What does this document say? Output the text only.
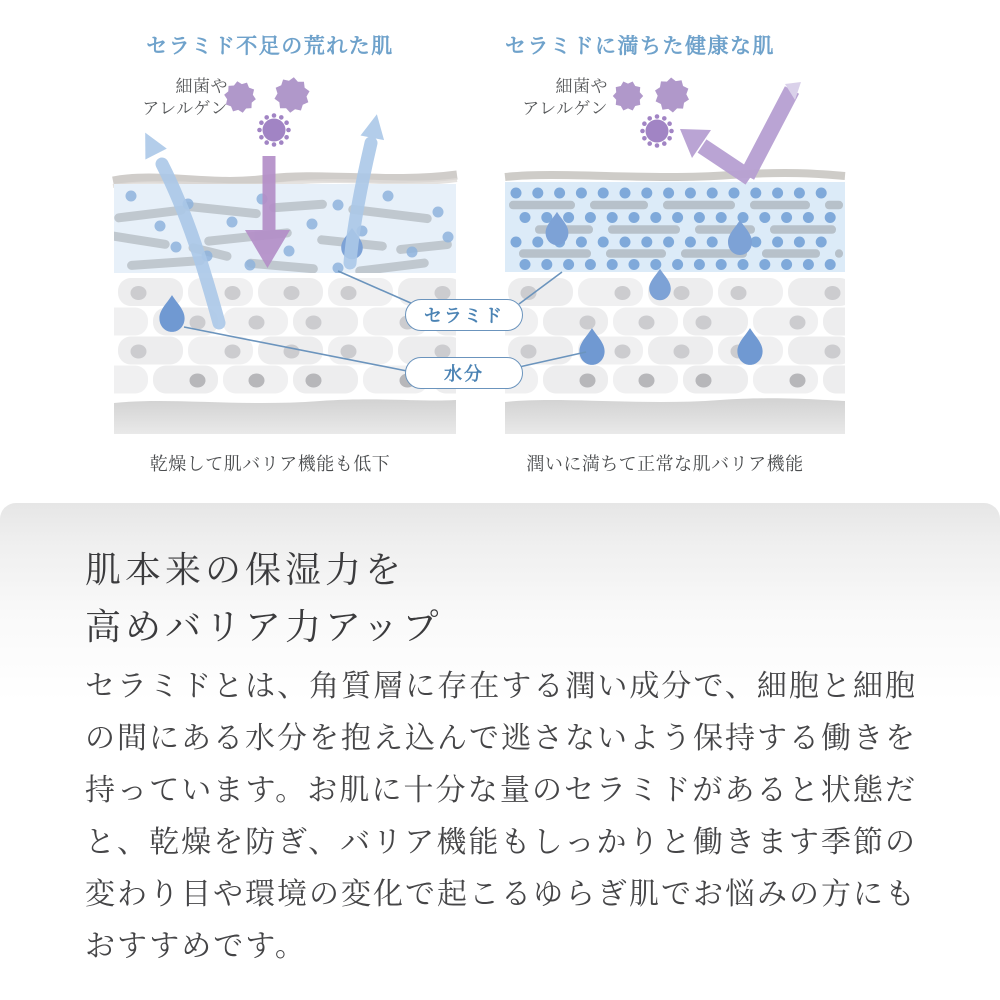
セラミド不足の荒れた肌	セラミドに満ちた健康な肌
細菌や
アレルゲン
細菌や
アレルゲン
セラミド
水分
乾燥して肌バリア機能も低下	潤いに満ちて正常な肌バリア機能
肌本来の保湿力を
高めバリア力アップ
セラミドとは、角質層に存在する潤い成分で、細胞と細胞の間にある水分を抱え込んで逃さないよう保持する働きを持っています。お肌に十分な量のセラミドがあると状態だと、乾燥を防ぎ、バリア機能もしっかりと働きます季節の変わり目や環境の変化で起こるゆらぎ肌でお悩みの方にもおすすめです。
